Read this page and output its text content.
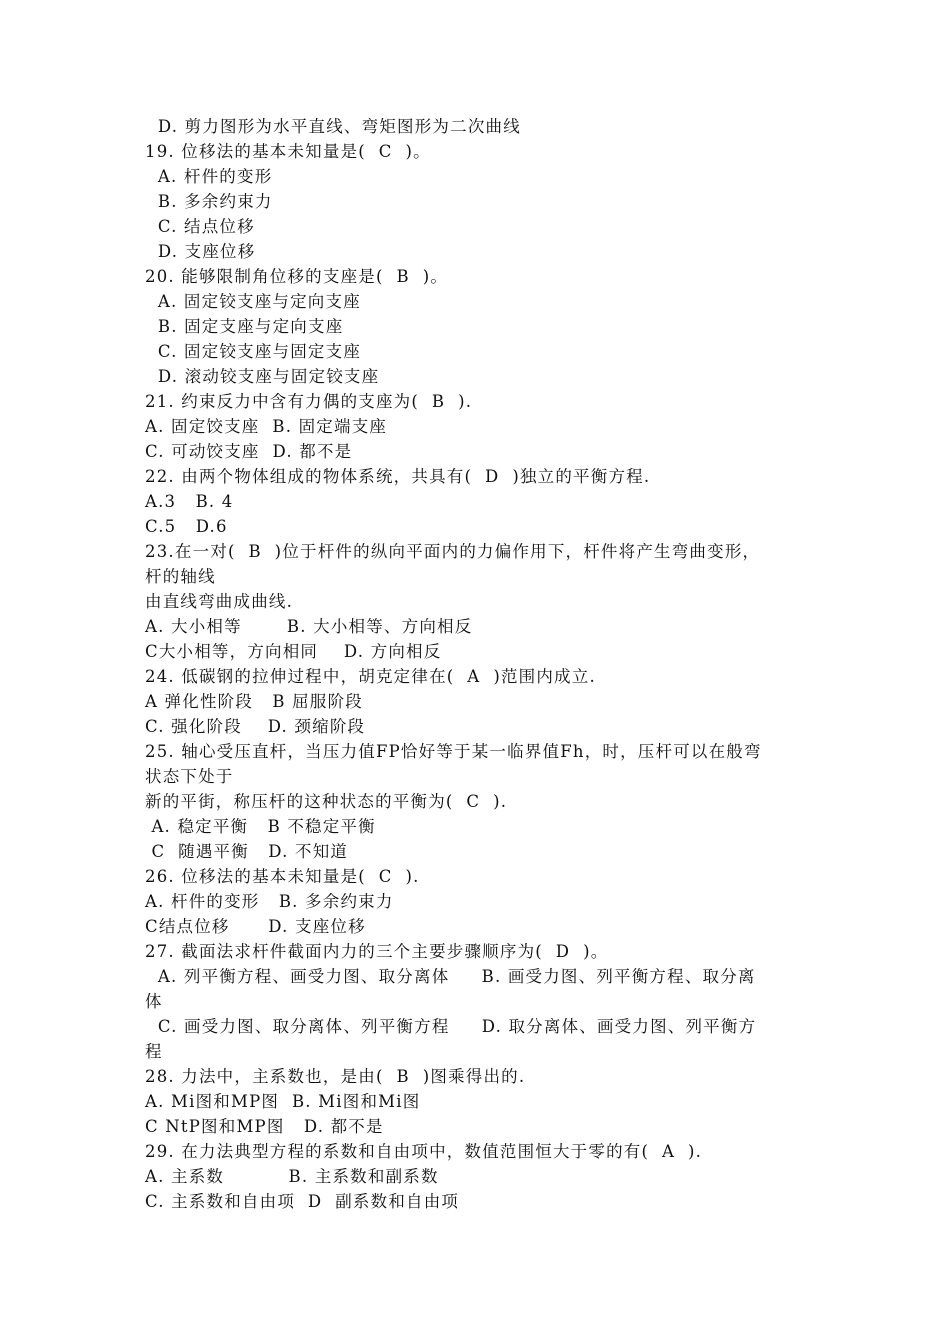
D. 剪力图形为水平直线、弯矩图形为二次曲线
19. 位移法的基本未知量是(  C  )。
A. 杆件的变形
B. 多余约束力
C. 结点位移
D. 支座位移
20. 能够限制角位移的支座是(  B  )。
A. 固定铰支座与定向支座
B. 固定支座与定向支座
C. 固定铰支座与固定支座
D. 滚动铰支座与固定铰支座
21. 约束反力中含有力偶的支座为(  B  ).
A. 固定饺支座  B. 固定端支座
C. 可动饺支座  D. 都不是
22. 由两个物体组成的物体系统，共具有(  D  )独立的平衡方程.
A.3   B. 4
C.5   D.6
23.在一对(  B  )位于杆件的纵向平面内的力偏作用下，杆件将产生弯曲变形，
杆的轴线
由直线弯曲成曲线.
A. 大小相等       B. 大小相等、方向相反
C大小相等，方向相同    D. 方向相反
24. 低碳钢的拉伸过程中，胡克定律在(  A  )范围内成立.
A 弹化性阶段   B 屈服阶段
C. 强化阶段    D. 颈缩阶段
25. 轴心受压直杆，当压力值FP恰好等于某一临界值Fh，时，压杆可以在般弯
状态下处于
新的平街，称压杆的这种状态的平衡为(  C  ).
A. 稳定平衡   B 不稳定平衡
C  随遇平衡   D. 不知道
26. 位移法的基本未知量是(  C  ).
A. 杆件的变形   B. 多余约束力
C结点位移      D. 支座位移
27. 截面法求杆件截面内力的三个主要步骤顺序为(  D  )。
A. 列平衡方程、画受力图、取分离体     B. 画受力图、列平衡方程、取分离
体
C. 画受力图、取分离体、列平衡方程     D. 取分离体、画受力图、列平衡方
程
28. 力法中，主系数也，是由(  B  )图乘得出的.
A. Mi图和MP图  B. Mi图和Mi图
C NtP图和MP图   D. 都不是
29. 在力法典型方程的系数和自由项中，数值范围恒大于零的有(  A  ).
A. 主系数          B. 主系数和副系数
C. 主系数和自由项  D  副系数和自由项
